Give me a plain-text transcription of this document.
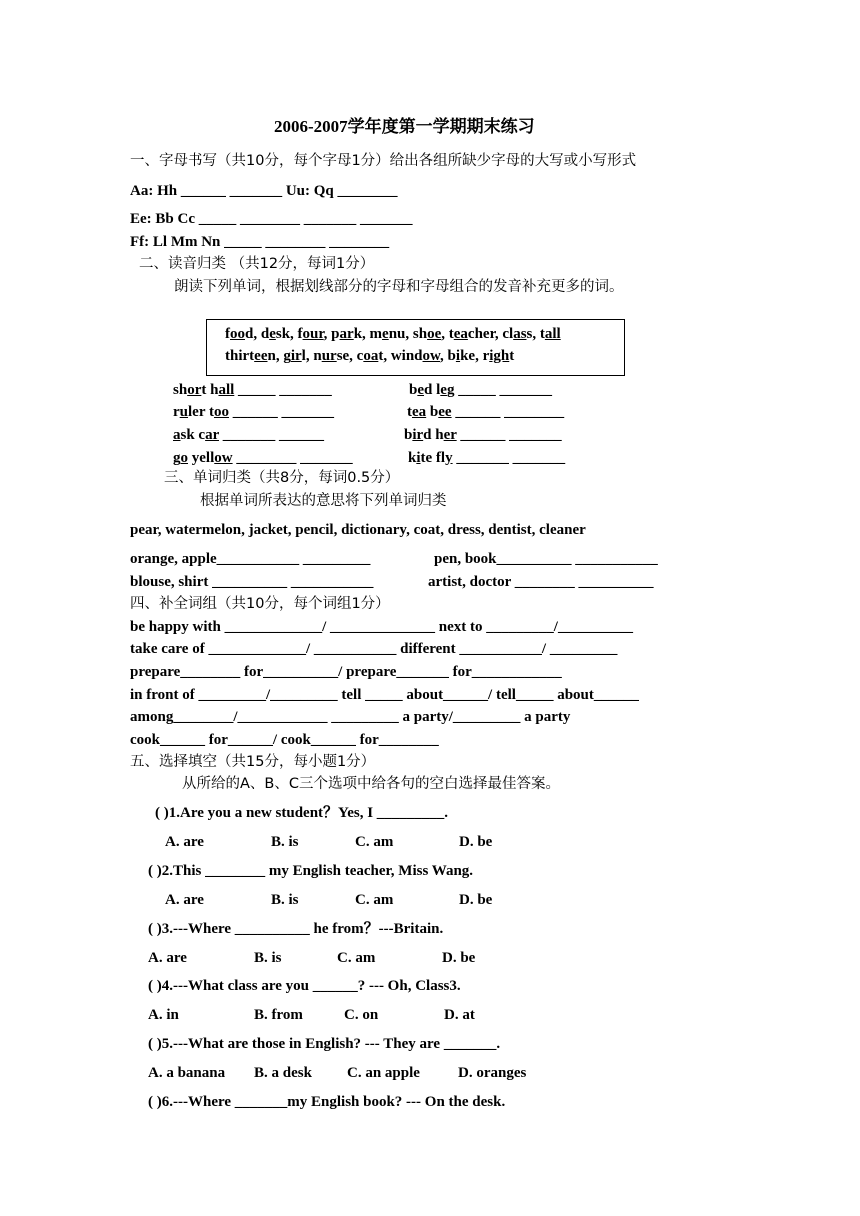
2006-2007学年度第一学期期末练习
一、字母书写（共10分，每个字母1分）给出各组所缺少字母的大写或小写形式
Aa: Hh ______ _______ Uu: Qq ________
Ee: Bb Cc _____ ________ _______ _______
Ff: Ll Mm Nn _____ ________ ________
二、读音归类 （共12分，每词1分）
朗读下列单词，根据划线部分的字母和字母组合的发音补充更多的词。
food, desk, four, park, menu, shoe, teacher, class, tall
thirteen, girl, nurse, coat, window, bike, right
short hall _____ _______	bed leg _____ _______
ruler too ______ _______	tea bee ______ ________
ask car _______ ______	bird her ______ _______
go yellow ________ _______	kite fly _______ _______
三、单词归类（共8分，每词0.5分）
根据单词所表达的意思将下列单词归类
pear, watermelon, jacket, pencil, dictionary, coat, dress, dentist, cleaner
orange, apple___________ _________	pen, book__________ ___________
blouse, shirt __________ ___________	artist, doctor ________ __________
四、补全词组（共10分，每个词组1分）
be happy with _____________/ ______________ next to _________/__________
take care of _____________/ ___________ different ___________/ _________
prepare________ for__________/ prepare_______ for____________
in front of _________/_________ tell _____ about______/ tell_____ about______
among________/____________ _________ a party/_________ a party
cook______ for______/ cook______ for________
五、选择填空（共15分，每小题1分）
从所给的A、B、C三个选项中给各句的空白选择最佳答案。
( )1.Are you a new student？Yes, I _________.
A. are	B. is	C. am	D. be
( )2.This ________ my English teacher, Miss Wang.
A. are	B. is	C. am	D. be
( )3.---Where __________ he from？---Britain.
A. are	B. is	C. am	D. be
( )4.---What class are you ______? --- Oh, Class3.
A. in	B. from	C. on	D. at
( )5.---What are those in English? --- They are _______.
A. a banana B. a desk C. an apple	D. oranges
( )6.---Where _______my English book? --- On the desk.
